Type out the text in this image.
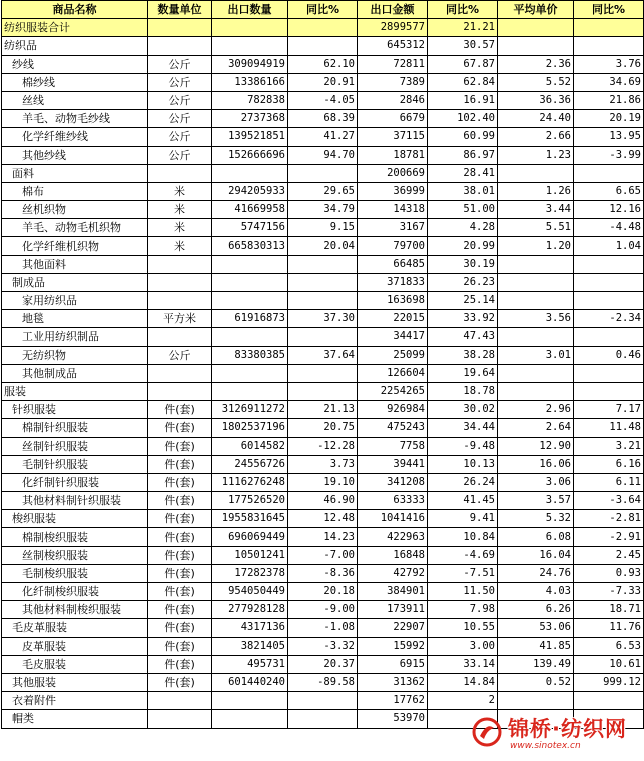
商品名称	数量单位	出口数量	同比%	出口金额	同比%	平均单价	同比%
纺织服装合计				2899577	21.21		
纺织品				645312	30.57		
纱线	公斤	309094919	62.10	72811	67.87	2.36	3.76
棉纱线	公斤	13386166	20.91	7389	62.84	5.52	34.69
丝线	公斤	782838	-4.05	2846	16.91	36.36	21.86
羊毛、动物毛纱线	公斤	2737368	68.39	6679	102.40	24.40	20.19
化学纤维纱线	公斤	139521851	41.27	37115	60.99	2.66	13.95
其他纱线	公斤	152666696	94.70	18781	86.97	1.23	-3.99
面料				200669	28.41		
棉布	米	294205933	29.65	36999	38.01	1.26	6.65
丝机织物	米	41669958	34.79	14318	51.00	3.44	12.16
羊毛、动物毛机织物	米	5747156	9.15	3167	4.28	5.51	-4.48
化学纤维机织物	米	665830313	20.04	79700	20.99	1.20	1.04
其他面料				66485	30.19		
制成品				371833	26.23		
家用纺织品				163698	25.14		
地毯	平方米	61916873	37.30	22015	33.92	3.56	-2.34
工业用纺织制品				34417	47.43		
无纺织物	公斤	83380385	37.64	25099	38.28	3.01	0.46
其他制成品				126604	19.64		
服装				2254265	18.78		
针织服装	件(套)	3126911272	21.13	926984	30.02	2.96	7.17
棉制针织服装	件(套)	1802537196	20.75	475243	34.44	2.64	11.48
丝制针织服装	件(套)	6014582	-12.28	7758	-9.48	12.90	3.21
毛制针织服装	件(套)	24556726	3.73	39441	10.13	16.06	6.16
化纤制针织服装	件(套)	1116276248	19.10	341208	26.24	3.06	6.11
其他材料制针织服装	件(套)	177526520	46.90	63333	41.45	3.57	-3.64
梭织服装	件(套)	1955831645	12.48	1041416	9.41	5.32	-2.81
棉制梭织服装	件(套)	696069449	14.23	422963	10.84	6.08	-2.91
丝制梭织服装	件(套)	10501241	-7.00	16848	-4.69	16.04	2.45
毛制梭织服装	件(套)	17282378	-8.36	42792	-7.51	24.76	0.93
化纤制梭织服装	件(套)	954050449	20.18	384901	11.50	4.03	-7.33
其他材料制梭织服装	件(套)	277928128	-9.00	173911	7.98	6.26	18.71
毛皮革服装	件(套)	4317136	-1.08	22907	10.55	53.06	11.76
皮革服装	件(套)	3821405	-3.32	15992	3.00	41.85	6.53
毛皮服装	件(套)	495731	20.37	6915	33.14	139.49	10.61
其他服装	件(套)	601440240	-89.58	31362	14.84	0.52	999.12
衣着附件				17762	2		
帽类				53970				锦桥·纺织网
www.sinotex.cn
